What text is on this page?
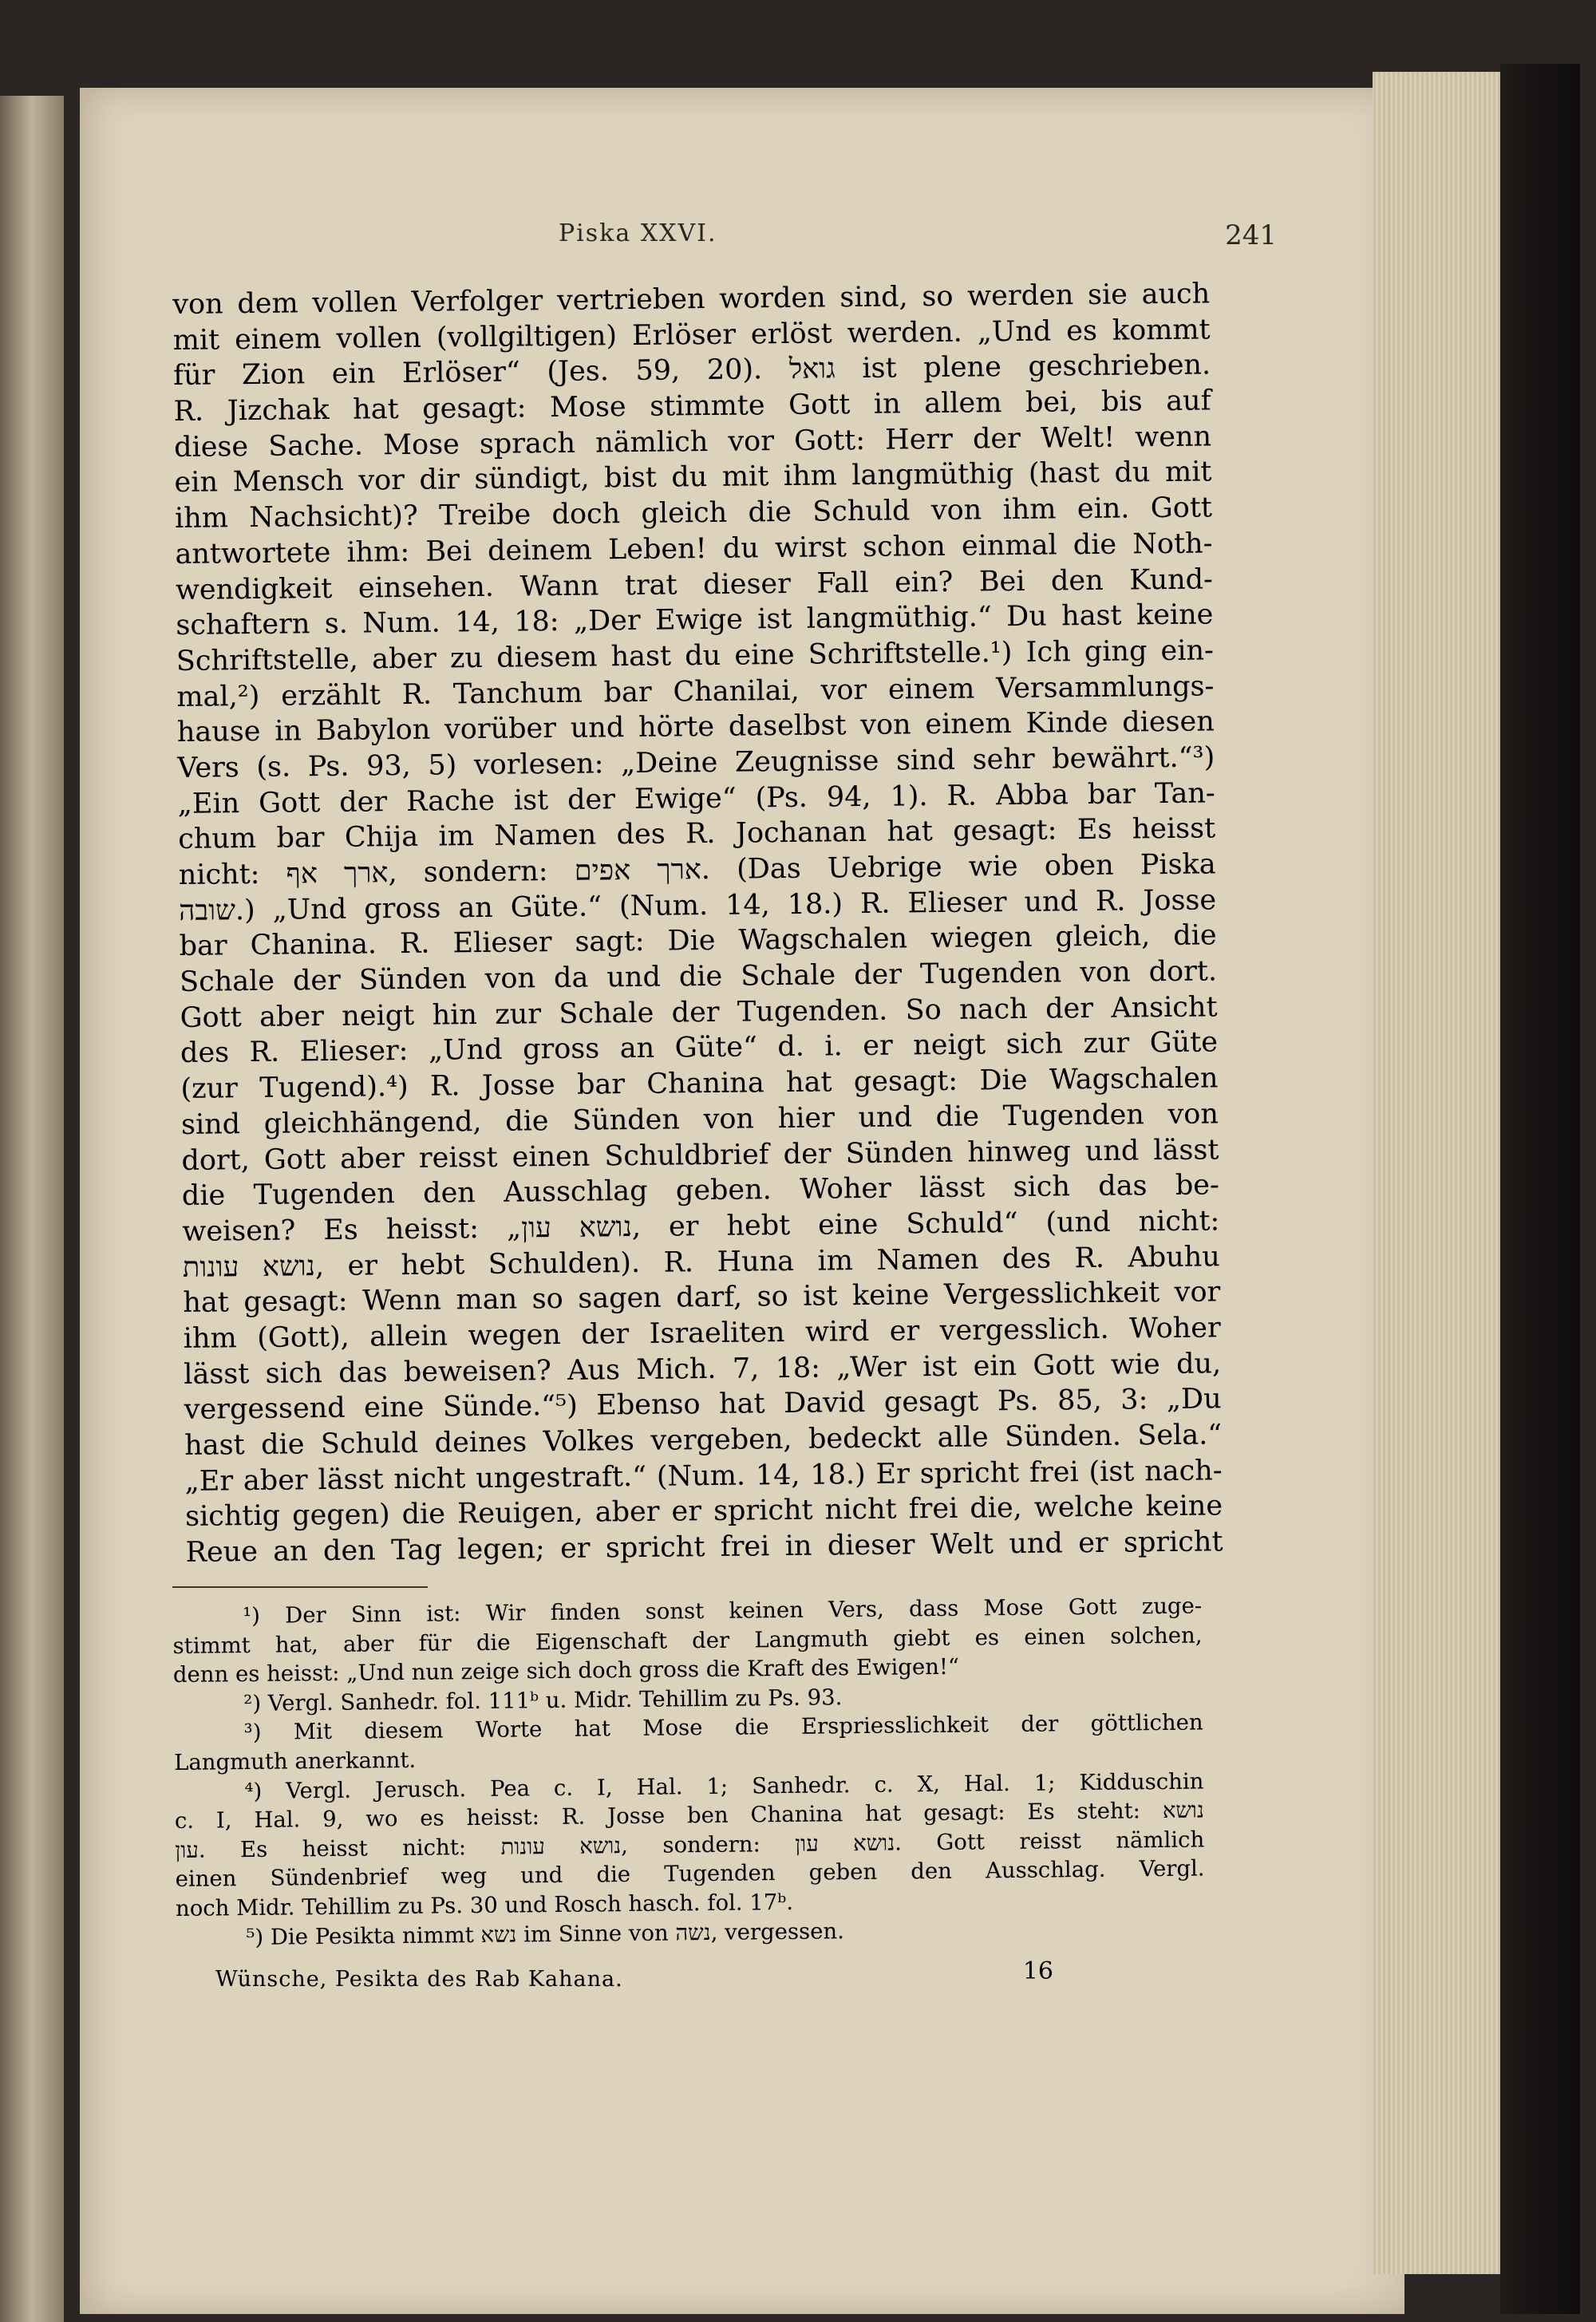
Piska XXVI.	241
von dem vollen Verfolger vertrieben worden sind, so werden sie auch
mit einem vollen (vollgiltigen) Erlöser erlöst werden. „Und es kommt
für Zion ein Erlöser“ (Jes. 59, 20). גואל ist plene geschrieben.
R. Jizchak hat gesagt: Mose stimmte Gott in allem bei, bis auf
diese Sache. Mose sprach nämlich vor Gott: Herr der Welt! wenn
ein Mensch vor dir sündigt, bist du mit ihm langmüthig (hast du mit
ihm Nachsicht)? Treibe doch gleich die Schuld von ihm ein. Gott
antwortete ihm: Bei deinem Leben! du wirst schon einmal die Noth-
wendigkeit einsehen. Wann trat dieser Fall ein? Bei den Kund-
schaftern s. Num. 14, 18: „Der Ewige ist langmüthig.“ Du hast keine
Schriftstelle, aber zu diesem hast du eine Schriftstelle.¹) Ich ging ein-
mal,²) erzählt R. Tanchum bar Chanilai, vor einem Versammlungs-
hause in Babylon vorüber und hörte daselbst von einem Kinde diesen
Vers (s. Ps. 93, 5) vorlesen: „Deine Zeugnisse sind sehr bewährt.“³)
„Ein Gott der Rache ist der Ewige“ (Ps. 94, 1). R. Abba bar Tan-
chum bar Chija im Namen des R. Jochanan hat gesagt: Es heisst
nicht: ארך אף, sondern: ארך אפים. (Das Uebrige wie oben Piska
שובה.) „Und gross an Güte.“ (Num. 14, 18.) R. Elieser und R. Josse
bar Chanina. R. Elieser sagt: Die Wagschalen wiegen gleich, die
Schale der Sünden von da und die Schale der Tugenden von dort.
Gott aber neigt hin zur Schale der Tugenden. So nach der Ansicht
des R. Elieser: „Und gross an Güte“ d. i. er neigt sich zur Güte
(zur Tugend).⁴) R. Josse bar Chanina hat gesagt: Die Wagschalen
sind gleichhängend, die Sünden von hier und die Tugenden von
dort, Gott aber reisst einen Schuldbrief der Sünden hinweg und lässt
die Tugenden den Ausschlag geben. Woher lässt sich das be-
weisen? Es heisst: „נושא עון, er hebt eine Schuld“ (und nicht:
נושא עונות, er hebt Schulden). R. Huna im Namen des R. Abuhu
hat gesagt: Wenn man so sagen darf, so ist keine Vergesslichkeit vor
ihm (Gott), allein wegen der Israeliten wird er vergesslich. Woher
lässt sich das beweisen? Aus Mich. 7, 18: „Wer ist ein Gott wie du,
vergessend eine Sünde.“⁵) Ebenso hat David gesagt Ps. 85, 3: „Du
hast die Schuld deines Volkes vergeben, bedeckt alle Sünden. Sela.“
„Er aber lässt nicht ungestraft.“ (Num. 14, 18.) Er spricht frei (ist nach-
sichtig gegen) die Reuigen, aber er spricht nicht frei die, welche keine
Reue an den Tag legen; er spricht frei in dieser Welt und er spricht
¹) Der Sinn ist: Wir finden sonst keinen Vers, dass Mose Gott zuge-
stimmt hat, aber für die Eigenschaft der Langmuth giebt es einen solchen,
denn es heisst: „Und nun zeige sich doch gross die Kraft des Ewigen!“
²) Vergl. Sanhedr. fol. 111ᵇ u. Midr. Tehillim zu Ps. 93.
³) Mit diesem Worte hat Mose die Erspriesslichkeit der göttlichen
Langmuth anerkannt.
⁴) Vergl. Jerusch. Pea c. I, Hal. 1; Sanhedr. c. X, Hal. 1; Kidduschin
c. I, Hal. 9, wo es heisst: R. Josse ben Chanina hat gesagt: Es steht: נושא
עון. Es heisst nicht: נושא עונות, sondern: נושא עון. Gott reisst nämlich
einen Sündenbrief weg und die Tugenden geben den Ausschlag. Vergl.
noch Midr. Tehillim zu Ps. 30 und Rosch hasch. fol. 17ᵇ.
⁵) Die Pesikta nimmt נשא im Sinne von נשה, vergessen.
Wünsche, Pesikta des Rab Kahana.	16
